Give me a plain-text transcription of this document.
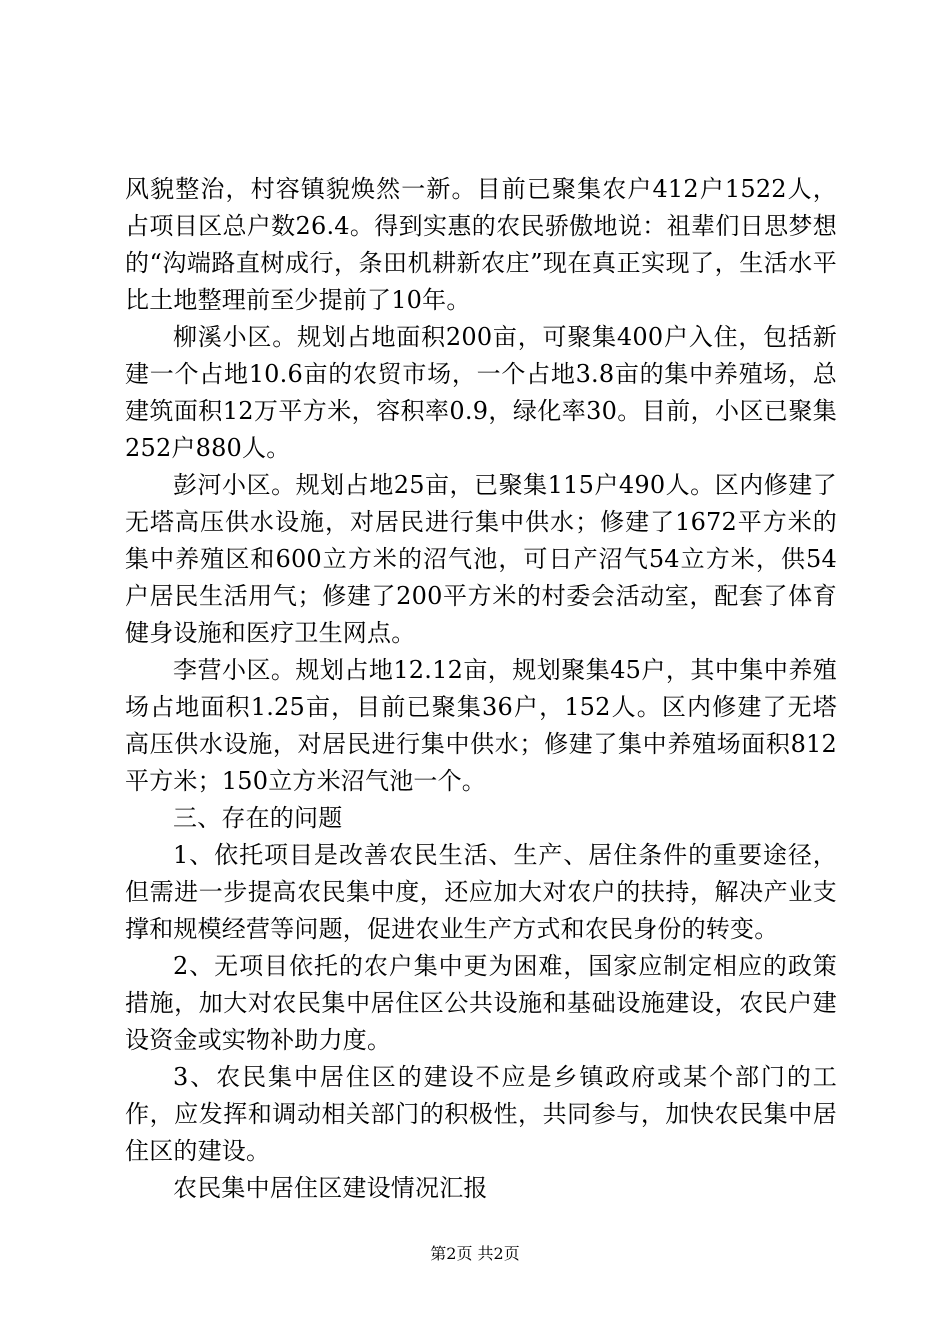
风貌整治，村容镇貌焕然一新。目前已聚集农户412户1522人，占项目区总户数26.4。得到实惠的农民骄傲地说：祖辈们日思梦想的“沟端路直树成行，条田机耕新农庄”现在真正实现了，生活水平比土地整理前至少提前了10年。

柳溪小区。规划占地面积200亩，可聚集400户入住，包括新建一个占地10.6亩的农贸市场，一个占地3.8亩的集中养殖场，总建筑面积12万平方米，容积率0.9，绿化率30。目前，小区已聚集252户880人。

彭河小区。规划占地25亩，已聚集115户490人。区内修建了无塔高压供水设施，对居民进行集中供水；修建了1672平方米的集中养殖区和600立方米的沼气池，可日产沼气54立方米，供54户居民生活用气；修建了200平方米的村委会活动室，配套了体育健身设施和医疗卫生网点。

李营小区。规划占地12.12亩，规划聚集45户，其中集中养殖场占地面积1.25亩，目前已聚集36户，152人。区内修建了无塔高压供水设施，对居民进行集中供水；修建了集中养殖场面积812平方米；150立方米沼气池一个。

三、存在的问题

1、依托项目是改善农民生活、生产、居住条件的重要途径，但需进一步提高农民集中度，还应加大对农户的扶持，解决产业支撑和规模经营等问题，促进农业生产方式和农民身份的转变。

2、无项目依托的农户集中更为困难，国家应制定相应的政策措施，加大对农民集中居住区公共设施和基础设施建设，农民户建设资金或实物补助力度。

3、农民集中居住区的建设不应是乡镇政府或某个部门的工作，应发挥和调动相关部门的积极性，共同参与，加快农民集中居住区的建设。

农民集中居住区建设情况汇报

第2页 共2页
